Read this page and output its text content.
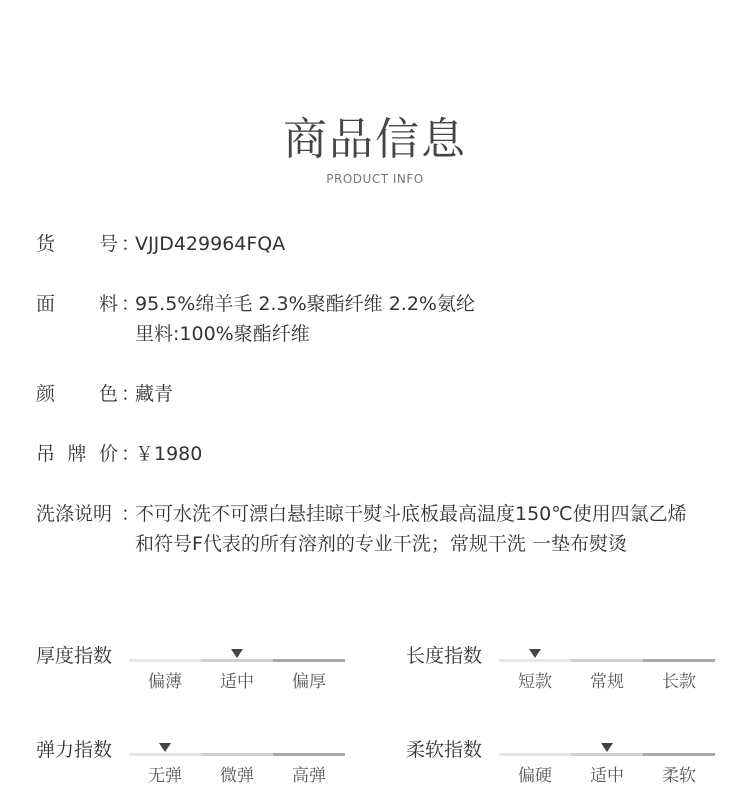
商品信息
PRODUCT INFO
货 号 ：
VJJD429964FQA
面 料 ：
95.5%绵羊毛 2.3%聚酯纤维 2.2%氨纶
里料:100%聚酯纤维
颜 色 ：
藏青
吊 牌 价 ：
￥1980
洗涤说明 ：
不可水洗不可漂白悬挂晾干熨斗底板最高温度150℃使用四氯乙烯
和符号F代表的所有溶剂的专业干洗；常规干洗 一垫布熨烫
厚度指数
偏薄	适中	偏厚
长度指数
短款	常规	长款
弹力指数
无弹	微弹	高弹
柔软指数
偏硬	适中	柔软
